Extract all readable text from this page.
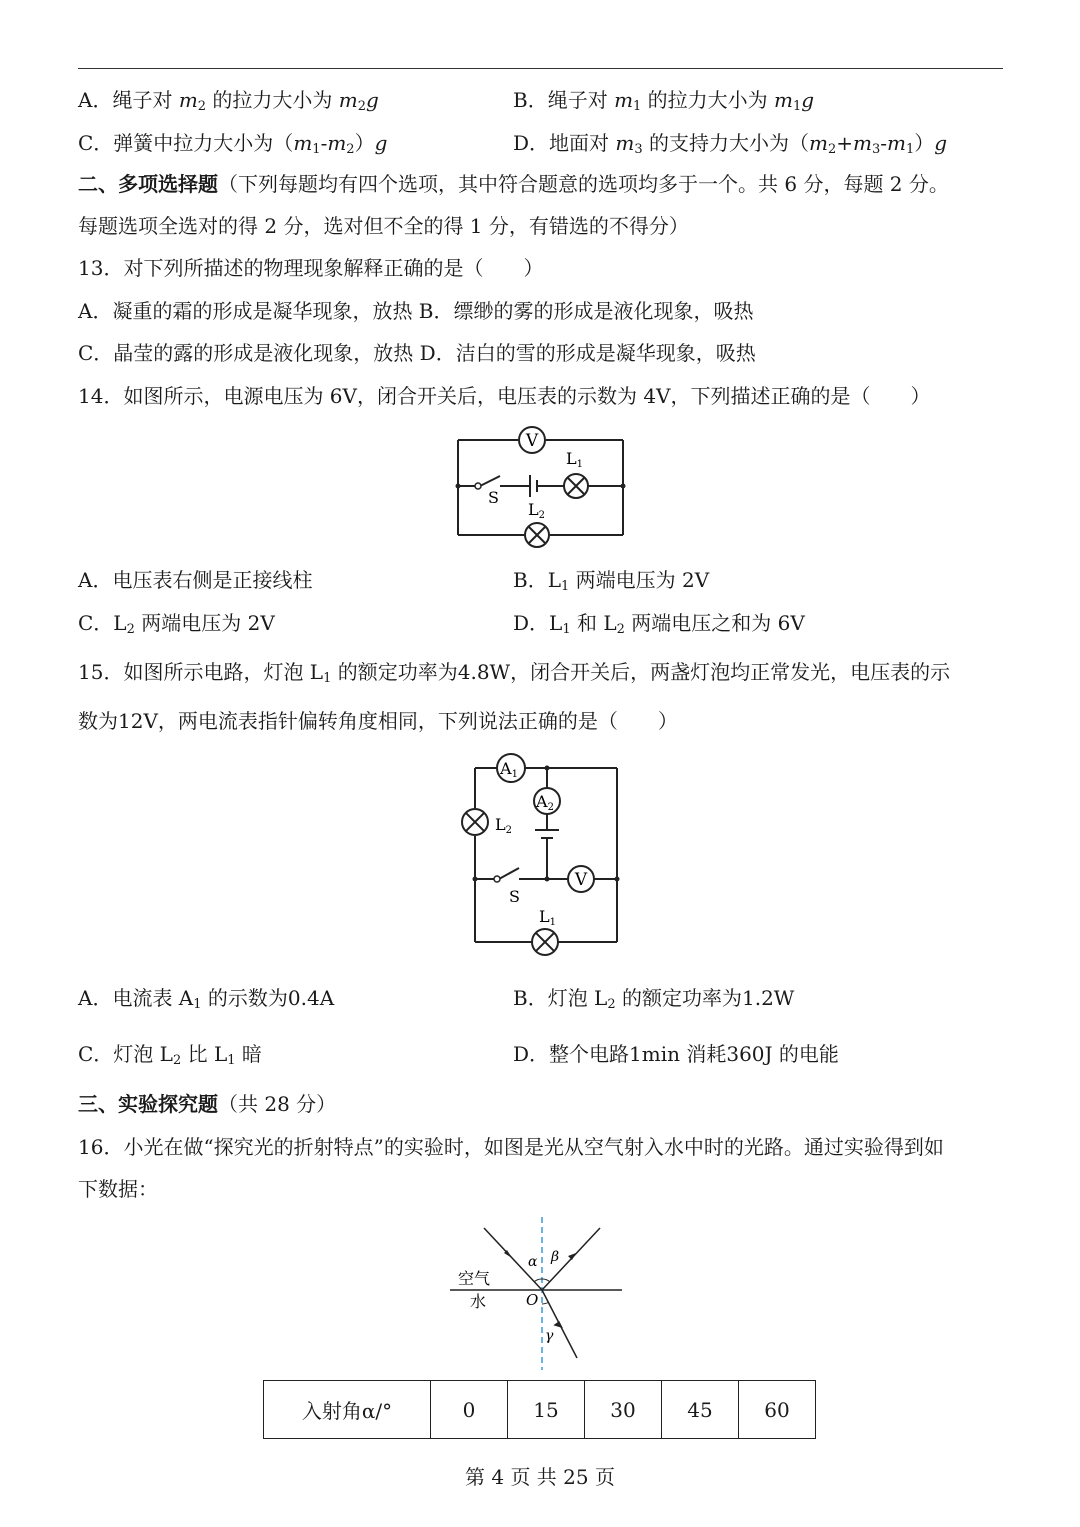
A．绳子对 $m_2$ 的拉力大小为 $m_2g$	B．绳子对 $m_1$ 的拉力大小为 $m_1g$
C．弹簧中拉力大小为$(m_1-m_2)g$	D．地面对 $m_3$ 的支持力大小为$(m_2+m_3-m_1)g$
二、多项选择题（下列每题均有四个选项，其中符合题意的选项均多于一个。共 6 分，每题 2 分。
每题选项全选对的得 2 分，选对但不全的得 1 分，有错选的不得分）
13．对下列所描述的物理现象解释正确的是（　　）
A．凝重的霜的形成是凝华现象，放热 B．缥缈的雾的形成是液化现象，吸热
C．晶莹的露的形成是液化现象，放热 D．洁白的雪的形成是凝华现象，吸热
14．如图所示，电源电压为 6V，闭合开关后，电压表的示数为 4V，下列描述正确的是（　　）
V
L1
L2
S
A．电压表右侧是正接线柱	B．$L_1$ 两端电压为 2V
C．$L_2$ 两端电压为 2V	D．$L_1$ 和 $L_2$ 两端电压之和为 6V
15．如图所示电路，灯泡 $L_1$ 的额定功率为4.8W，闭合开关后，两盏灯泡均正常发光，电压表的示
数为12V，两电流表指针偏转角度相同，下列说法正确的是（　　）
A1
A2
V
L2
L1
S
A．电流表 $A_1$ 的示数为0.4A	B．灯泡 $L_2$ 的额定功率为1.2W
C．灯泡 $L_2$ 比 $L_1$ 暗	D．整个电路1min 消耗360J 的电能
三、实验探究题（共 28 分）
16．小光在做“探究光的折射特点”的实验时，如图是光从空气射入水中时的光路。通过实验得到如
下数据：
α β
γ
O
空气
水
入射角α/°	0	15	30	45	60
第 4 页 共 25 页
